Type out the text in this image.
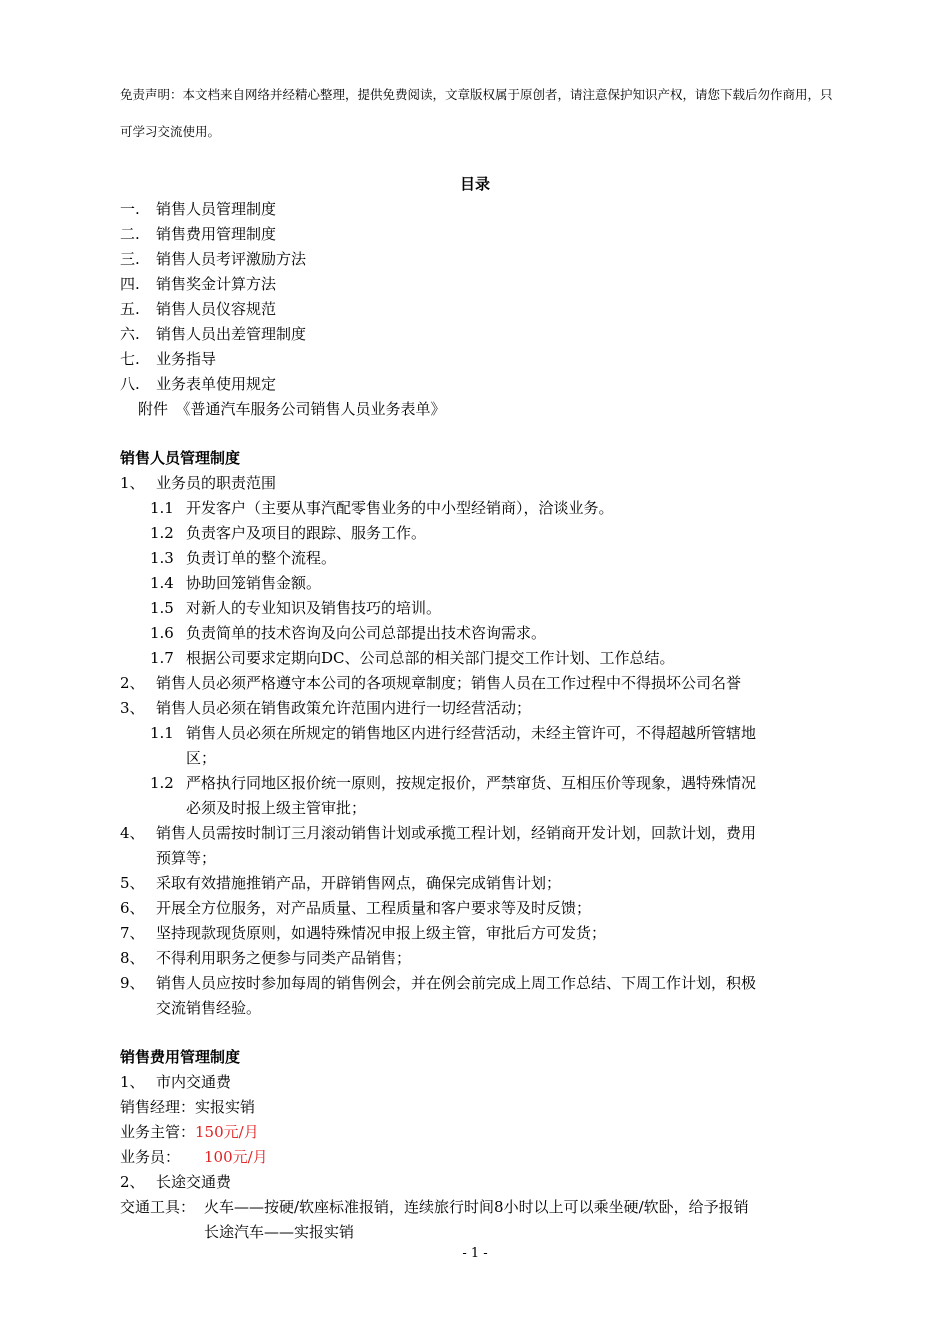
免责声明：本文档来自网络并经精心整理，提供免费阅读，文章版权属于原创者，请注意保护知识产权，请您下载后勿作商用，只可学习交流使用。
目录
一. 销售人员管理制度
二. 销售费用管理制度
三. 销售人员考评激励方法
四. 销售奖金计算方法
五. 销售人员仪容规范
六. 销售人员出差管理制度
七. 业务指导
八. 业务表单使用规定
附件　《普通汽车服务公司销售人员业务表单》
销售人员管理制度
1、 业务员的职责范围
1.1 开发客户（主要从事汽配零售业务的中小型经销商），洽谈业务。
1.2 负责客户及项目的跟踪、服务工作。
1.3 负责订单的整个流程。
1.4 协助回笼销售金额。
1.5 对新人的专业知识及销售技巧的培训。
1.6 负责简单的技术咨询及向公司总部提出技术咨询需求。
1.7 根据公司要求定期向DC、公司总部的相关部门提交工作计划、工作总结。
2、 销售人员必须严格遵守本公司的各项规章制度；销售人员在工作过程中不得损坏公司名誉
3、 销售人员必须在销售政策允许范围内进行一切经营活动；
1.1 销售人员必须在所规定的销售地区内进行经营活动，未经主管许可，不得超越所管辖地
区；
1.2 严格执行同地区报价统一原则，按规定报价，严禁窜货、互相压价等现象，遇特殊情况
必须及时报上级主管审批；
4、 销售人员需按时制订三月滚动销售计划或承揽工程计划，经销商开发计划，回款计划，费用
预算等；
5、 采取有效措施推销产品，开辟销售网点，确保完成销售计划；
6、 开展全方位服务，对产品质量、工程质量和客户要求等及时反馈；
7、 坚持现款现货原则，如遇特殊情况申报上级主管，审批后方可发货；
8、 不得利用职务之便参与同类产品销售；
9、 销售人员应按时参加每周的销售例会，并在例会前完成上周工作总结、下周工作计划，积极
交流销售经验。
销售费用管理制度
1、 市内交通费
销售经理：实报实销
业务主管：150元/月
业务员： 100元/月
2、 长途交通费
交通工具： 火车——按硬/软座标准报销，连续旅行时间8小时以上可以乘坐硬/软卧，给予报销
长途汽车——实报实销
- 1 -
